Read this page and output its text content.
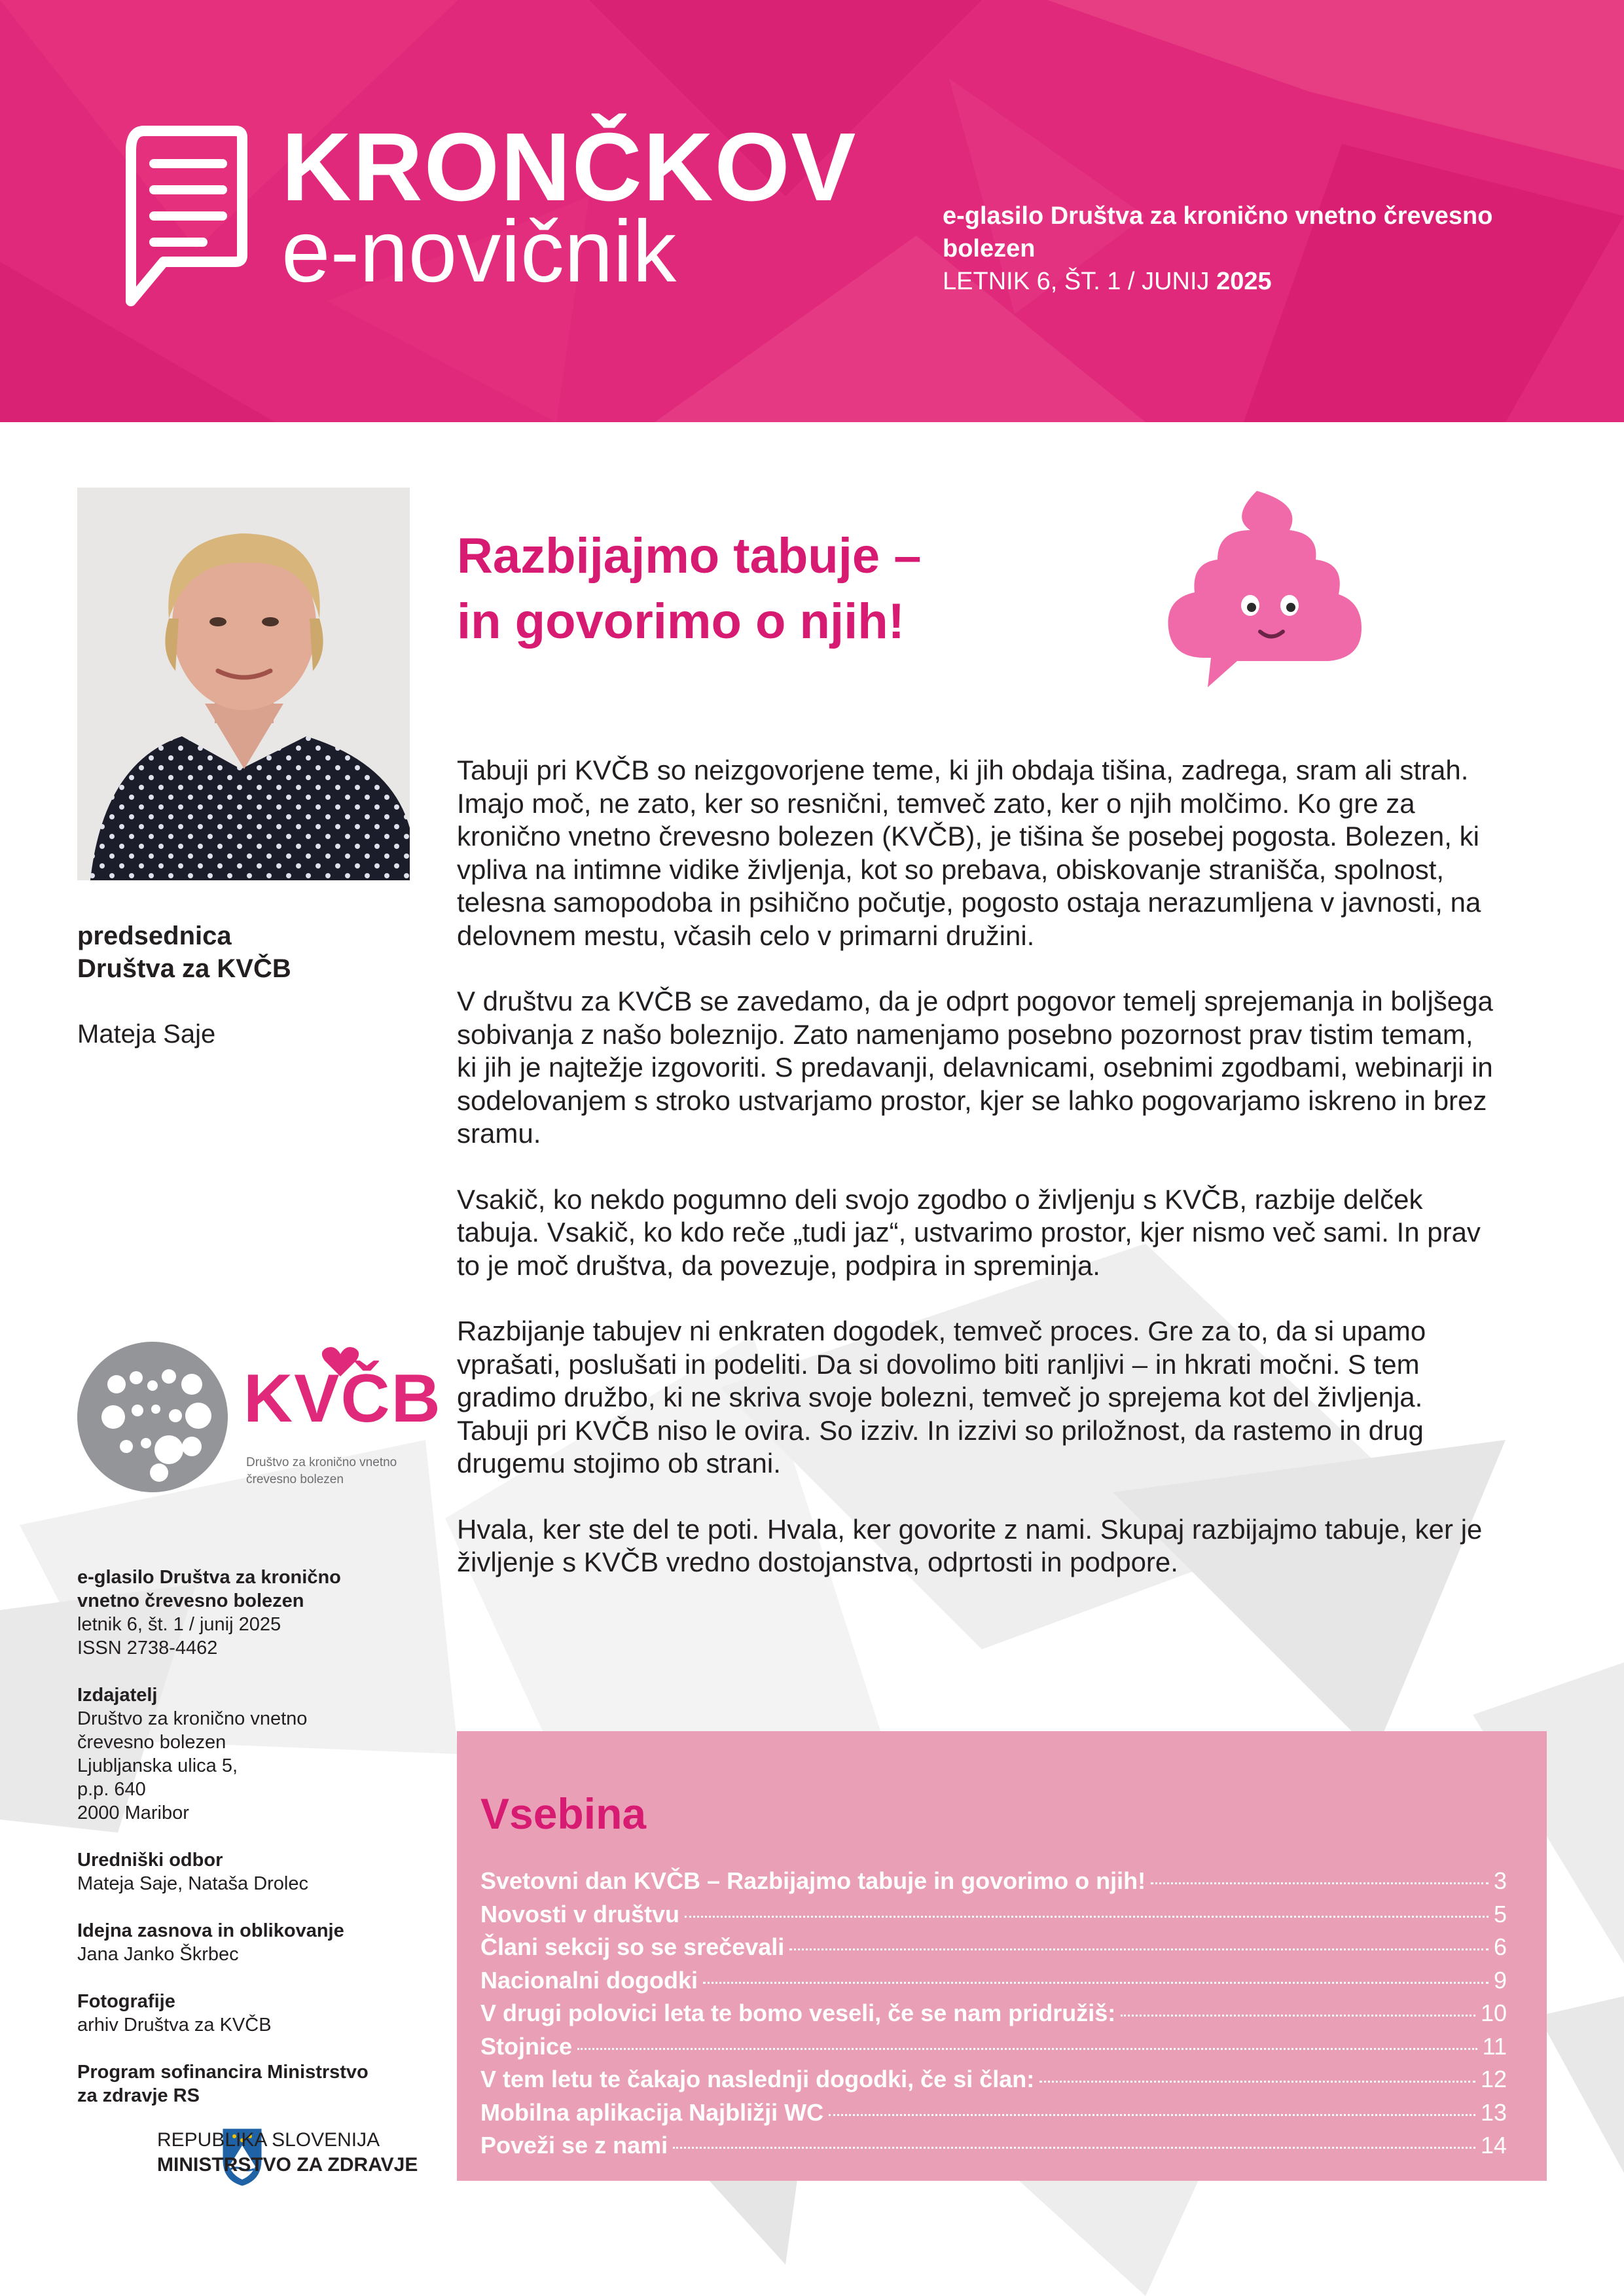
KRONČKOV
e-novičnik	e-glasilo Društva za kronično vnetno črevesno bolezen
LETNIK 6, ŠT. 1 / JUNIJ 2025
predsednica
Društva za KVČB
Mateja Saje
KVČB
Društvo za kronično vnetno črevesno bolezen
e-glasilo Društva za kronično
vnetno črevesno bolezen
letnik 6, št. 1 / junij 2025
ISSN 2738-4462
Izdajatelj
Društvo za kronično vnetno
črevesno bolezen
Ljubljanska ulica 5,
p.p. 640
2000 Maribor
Uredniški odbor
Mateja Saje, Nataša Drolec
Idejna zasnova in oblikovanje
Jana Janko Škrbec
Fotografije
arhiv Društva za KVČB
Program sofinancira Ministrstvo
za zdravje RS
REPUBLIKA SLOVENIJA
MINISTRSTVO ZA ZDRAVJE
Razbijajmo tabuje –
in govorimo o njih!

Tabuji pri KVČB so neizgovorjene teme, ki jih obdaja tišina, zadrega, sram ali strah. Imajo moč, ne zato, ker so resnični, temveč zato, ker o njih molčimo. Ko gre za kronično vnetno črevesno bolezen (KVČB), je tišina še posebej pogosta. Bolezen, ki vpliva na intimne vidike življenja, kot so prebava, obiskovanje stranišča, spolnost, telesna samopodoba in psihično počutje, pogosto ostaja nerazumljena v javnosti, na delovnem mestu, včasih celo v primarni družini.

V društvu za KVČB se zavedamo, da je odprt pogovor temelj sprejemanja in boljšega sobivanja z našo boleznijo. Zato namenjamo posebno pozornost prav tistim temam, ki jih je najtežje izgovoriti. S predavanji, delavnicami, osebnimi zgodbami, webinarji in sodelovanjem s stroko ustvarjamo prostor, kjer se lahko pogovarjamo iskreno in brez sramu.

Vsakič, ko nekdo pogumno deli svojo zgodbo o življenju s KVČB, razbije delček tabuja. Vsakič, ko kdo reče „tudi jaz“, ustvarimo prostor, kjer nismo več sami. In prav to je moč društva, da povezuje, podpira in spreminja.

Razbijanje tabujev ni enkraten dogodek, temveč proces. Gre za to, da si upamo vprašati, poslušati in podeliti. Da si dovolimo biti ranljivi – in hkrati močni. S tem gradimo družbo, ki ne skriva svoje bolezni, temveč jo sprejema kot del življenja. Tabuji pri KVČB niso le ovira. So izziv. In izzivi so priložnost, da rastemo in drug drugemu stojimo ob strani.

Hvala, ker ste del te poti. Hvala, ker govorite z nami. Skupaj razbijajmo tabuje, ker je življenje s KVČB vredno dostojanstva, odprtosti in podpore.

Vsebina
Svetovni dan KVČB – Razbijajmo tabuje in govorimo o njih!	3
Novosti v društvu	5
Člani sekcij so se srečevali	6
Nacionalni dogodki	9
V drugi polovici leta te bomo veseli, če se nam pridružiš:	10
Stojnice	11
V tem letu te čakajo naslednji dogodki, če si član:	12
Mobilna aplikacija Najbližji WC	13
Poveži se z nami	14
